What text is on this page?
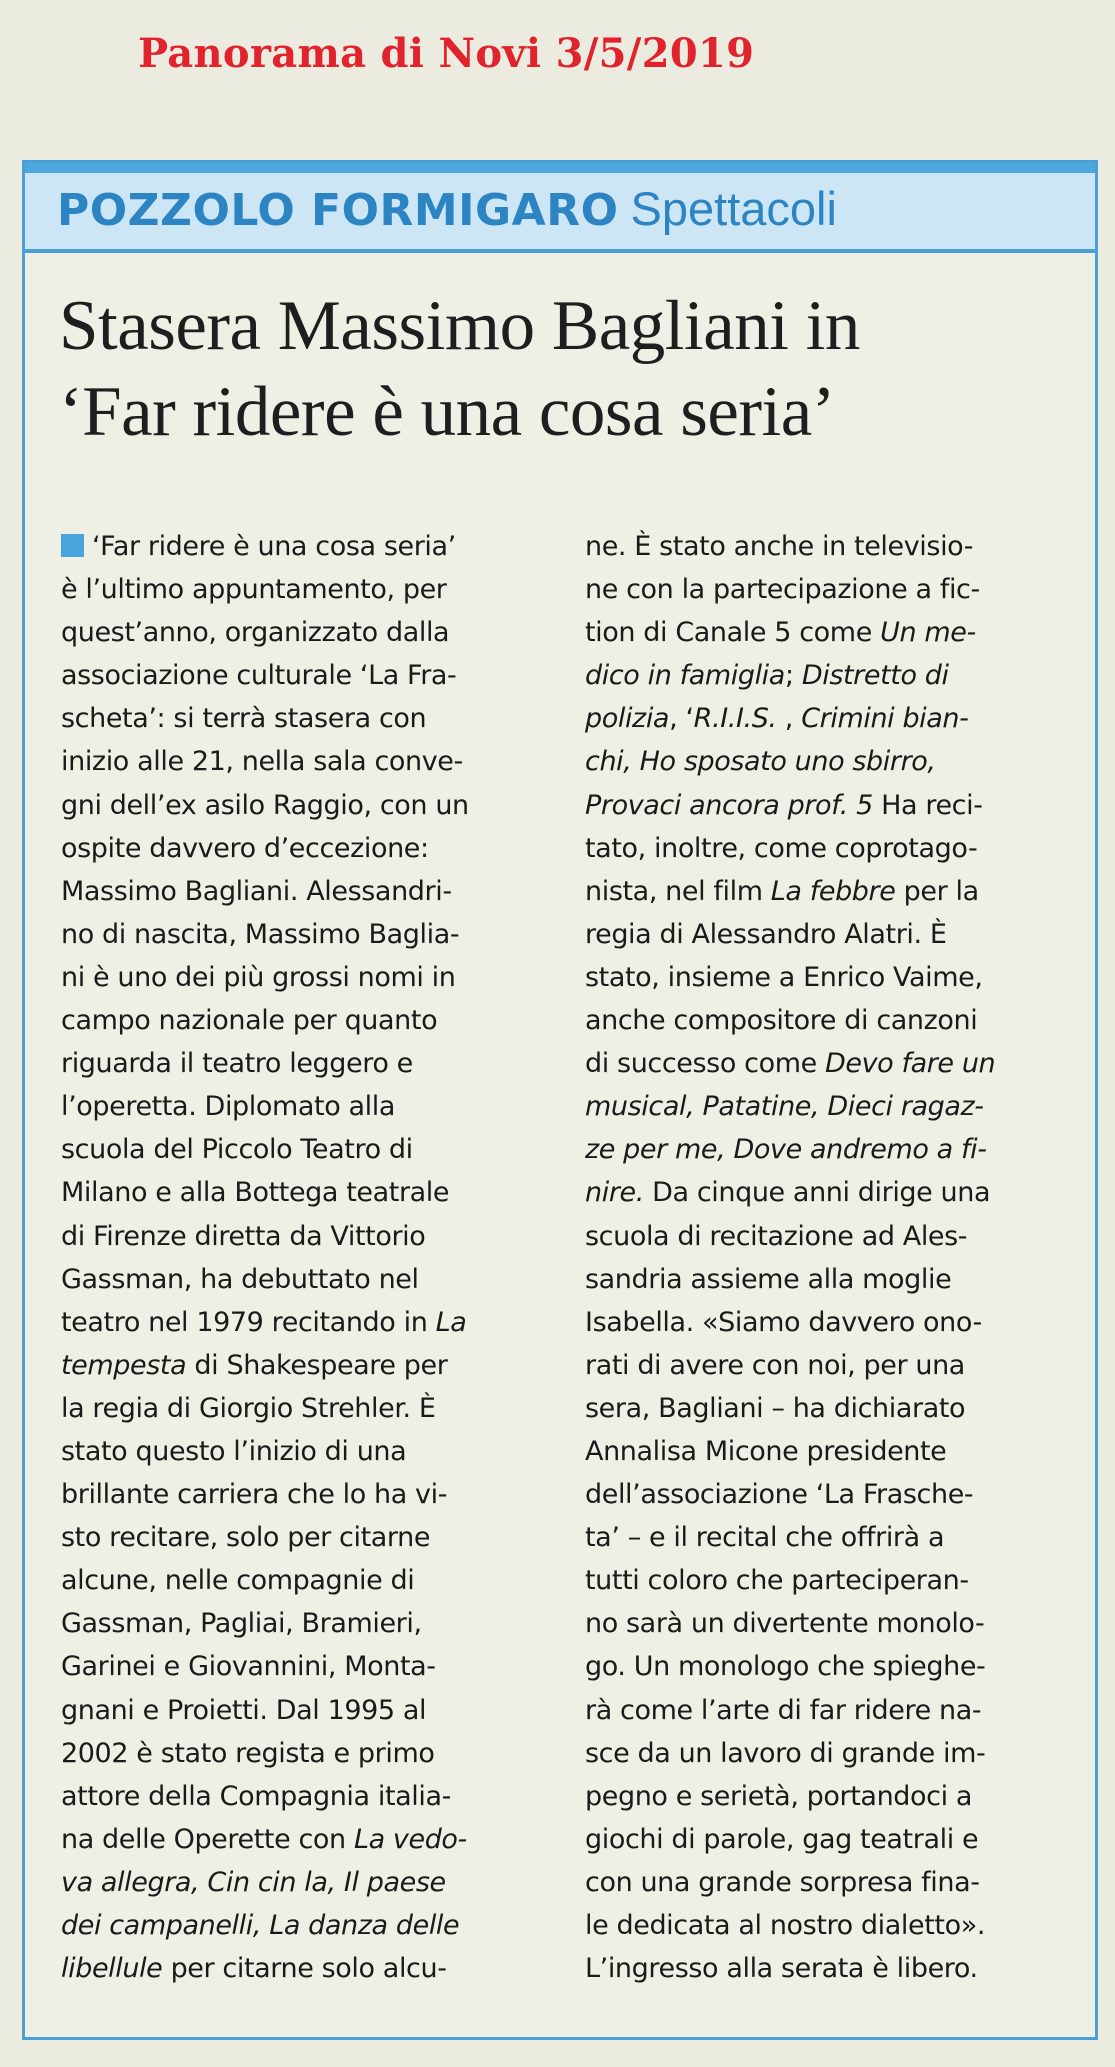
Panorama di Novi 3/5/2019
POZZOLO FORMIGARO Spettacoli
Stasera Massimo Bagliani in
‘Far ridere è una cosa seria’
‘Far ridere è una cosa seria’
è l’ultimo appuntamento, per
quest’anno, organizzato dalla
associazione culturale ‘La Fra-
scheta’: si terrà stasera con
inizio alle 21, nella sala conve-
gni dell’ex asilo Raggio, con un
ospite davvero d’eccezione:
Massimo Bagliani. Alessandri-
no di nascita, Massimo Baglia-
ni è uno dei più grossi nomi in
campo nazionale per quanto
riguarda il teatro leggero e
l’operetta. Diplomato alla
scuola del Piccolo Teatro di
Milano e alla Bottega teatrale
di Firenze diretta da Vittorio
Gassman, ha debuttato nel
teatro nel 1979 recitando in La
tempesta di Shakespeare per
la regia di Giorgio Strehler. È
stato questo l’inizio di una
brillante carriera che lo ha vi-
sto recitare, solo per citarne
alcune, nelle compagnie di
Gassman, Pagliai, Bramieri,
Garinei e Giovannini, Monta-
gnani e Proietti. Dal 1995 al
2002 è stato regista e primo
attore della Compagnia italia-
na delle Operette con La vedo-
va allegra, Cin cin la, Il paese
dei campanelli, La danza delle
libellule per citarne solo alcu-
ne. È stato anche in televisio-
ne con la partecipazione a fic-
tion di Canale 5 come Un me-
dico in famiglia; Distretto di
polizia, ‘R.I.I.S. , Crimini bian-
chi, Ho sposato uno sbirro,
Provaci ancora prof. 5 Ha reci-
tato, inoltre, come coprotago-
nista, nel film La febbre per la
regia di Alessandro Alatri. È
stato, insieme a Enrico Vaime,
anche compositore di canzoni
di successo come Devo fare un
musical, Patatine, Dieci ragaz-
ze per me, Dove andremo a fi-
nire. Da cinque anni dirige una
scuola di recitazione ad Ales-
sandria assieme alla moglie
Isabella. «Siamo davvero ono-
rati di avere con noi, per una
sera, Bagliani – ha dichiarato
Annalisa Micone presidente
dell’associazione ‘La Frasche-
ta’ – e il recital che offrirà a
tutti coloro che parteciperan-
no sarà un divertente monolo-
go. Un monologo che spieghe-
rà come l’arte di far ridere na-
sce da un lavoro di grande im-
pegno e serietà, portandoci a
giochi di parole, gag teatrali e
con una grande sorpresa fina-
le dedicata al nostro dialetto».
L’ingresso alla serata è libero.
